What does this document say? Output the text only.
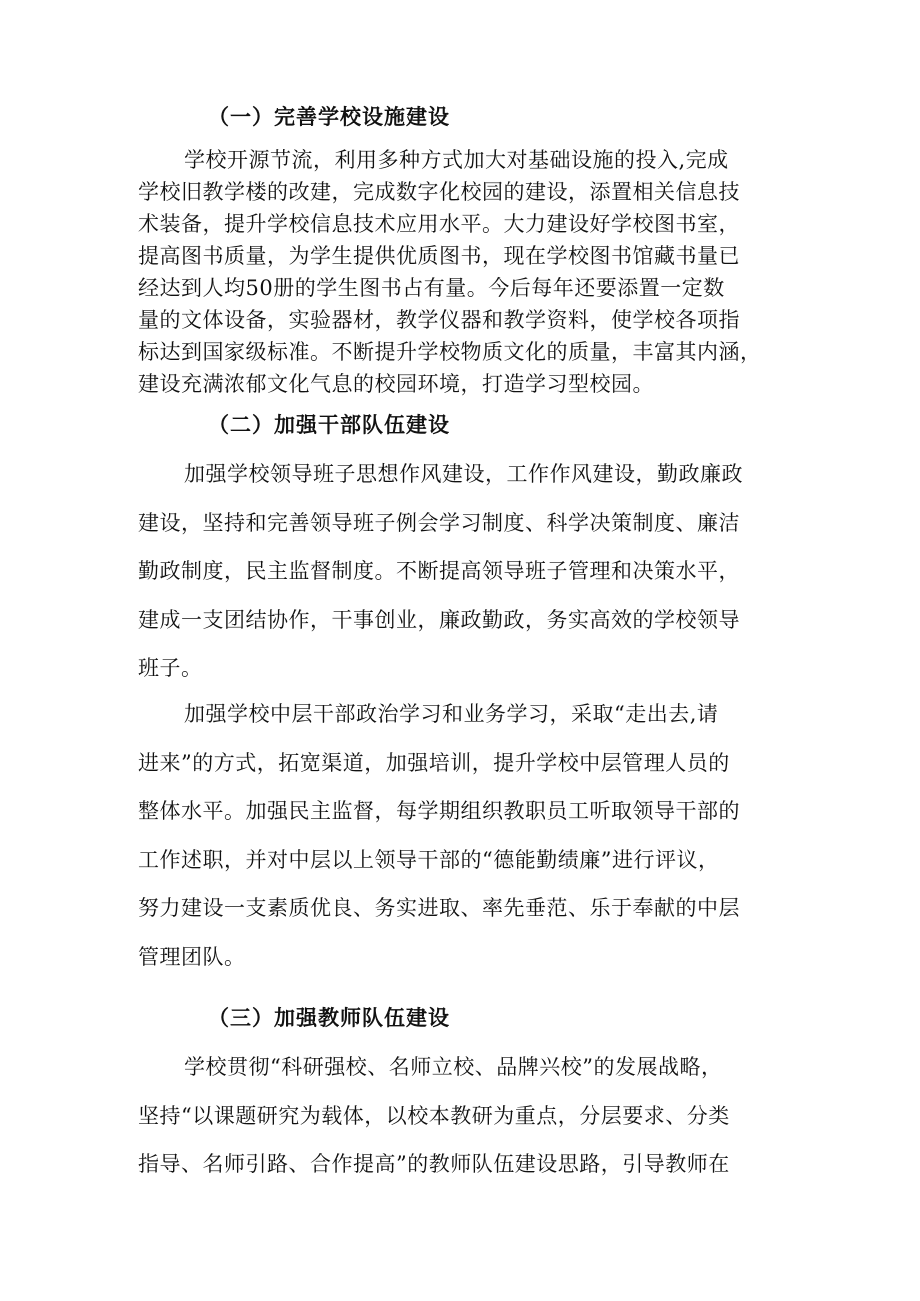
（一）完善学校设施建设
学校开源节流，利用多种方式加大对基础设施的投入,完成
学校旧教学楼的改建，完成数字化校园的建设，添置相关信息技
术装备，提升学校信息技术应用水平。大力建设好学校图书室，
提高图书质量，为学生提供优质图书，现在学校图书馆藏书量已
经达到人均50册的学生图书占有量。今后每年还要添置一定数
量的文体设备，实验器材，教学仪器和教学资料，使学校各项指
标达到国家级标准。不断提升学校物质文化的质量，丰富其内涵，
建设充满浓郁文化气息的校园环境，打造学习型校园。
（二）加强干部队伍建设
加强学校领导班子思想作风建设，工作作风建设，勤政廉政
建设，坚持和完善领导班子例会学习制度、科学决策制度、廉洁
勤政制度，民主监督制度。不断提高领导班子管理和决策水平，
建成一支团结协作，干事创业，廉政勤政，务实高效的学校领导
班子。
加强学校中层干部政治学习和业务学习，采取“走出去,请
进来”的方式，拓宽渠道，加强培训，提升学校中层管理人员的
整体水平。加强民主监督，每学期组织教职员工听取领导干部的
工作述职，并对中层以上领导干部的“德能勤绩廉”进行评议，
努力建设一支素质优良、务实进取、率先垂范、乐于奉献的中层
管理团队。
（三）加强教师队伍建设
学校贯彻“科研强校、名师立校、品牌兴校”的发展战略，
坚持“以课题研究为载体，以校本教研为重点，分层要求、分类
指导、名师引路、合作提高”的教师队伍建设思路，引导教师在
